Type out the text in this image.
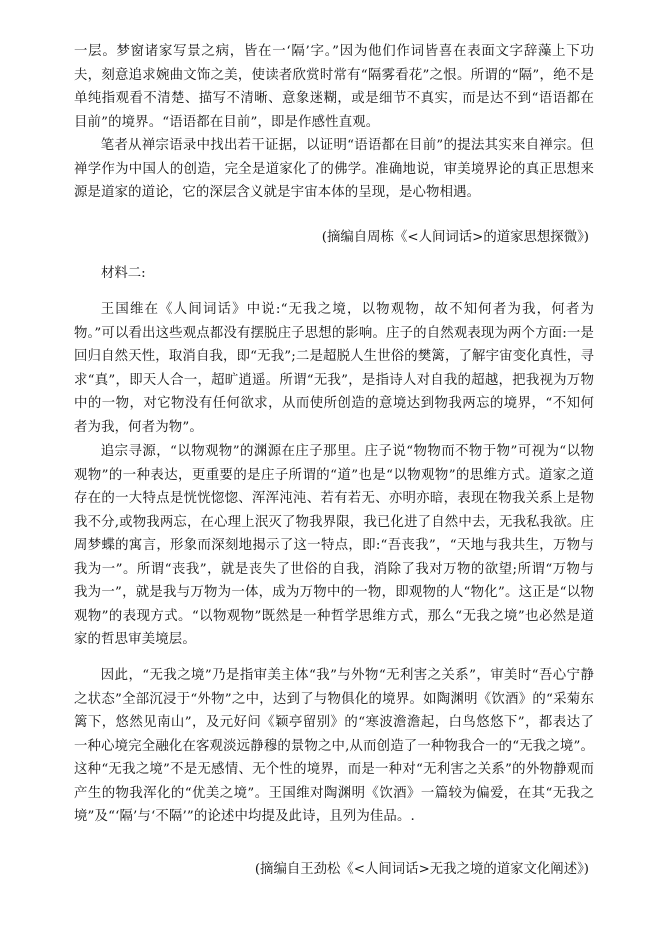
一层。梦窗诸家写景之病，皆在一‘隔’字。”因为他们作词皆喜在表面文字辞藻上下功夫，刻意追求婉曲文饰之美，使读者欣赏时常有“隔雾看花”之恨。所谓的“隔”，绝不是单纯指观看不清楚、描写不清晰、意象迷糊，或是细节不真实，而是达不到“语语都在目前”的境界。“语语都在目前”，即是作感性直观。

笔者从禅宗语录中找出若干证据，以证明“语语都在目前”的提法其实来自禅宗。但禅学作为中国人的创造，完全是道家化了的佛学。准确地说，审美境界论的真正思想来源是道家的道论，它的深层含义就是宇宙本体的呈现，是心物相遇。

(摘编自周栋《<人间词话>的道家思想探微》)

材料二:

王国维在《人间词话》中说:“无我之境，以物观物，故不知何者为我，何者为物。”可以看出这些观点都没有摆脱庄子思想的影响。庄子的自然观表现为两个方面:一是回归自然天性，取消自我，即“无我”;二是超脱人生世俗的樊篱，了解宇宙变化真性，寻求“真”，即天人合一，超旷逍遥。所谓“无我”，是指诗人对自我的超越，把我视为万物中的一物，对它物没有任何欲求，从而使所创造的意境达到物我两忘的境界，“不知何者为我，何者为物”。

追宗寻源，“以物观物”的渊源在庄子那里。庄子说“物物而不物于物”可视为“以物观物”的一种表达，更重要的是庄子所谓的“道”也是“以物观物”的思维方式。道家之道存在的一大特点是恍恍惚惚、浑浑沌沌、若有若无、亦明亦暗，表现在物我关系上是物我不分,或物我两忘，在心理上泯灭了物我界限，我已化进了自然中去，无我私我欲。庄周梦蝶的寓言，形象而深刻地揭示了这一特点，即:“吾丧我”，“天地与我共生，万物与我为一”。所谓“丧我”，就是丧失了世俗的自我，消除了我对万物的欲望;所谓“万物与我为一”，就是我与万物为一体，成为万物中的一物，即观物的人“物化”。这正是“以物观物”的表现方式。“以物观物”既然是一种哲学思维方式，那么“无我之境”也必然是道家的哲思审美境层。

因此，“无我之境”乃是指审美主体“我”与外物“无利害之关系”，审美时“吾心宁静之状态”全部沉浸于“外物”之中，达到了与物俱化的境界。如陶渊明《饮酒》的“采菊东篱下，悠然见南山”，及元好问《颖亭留别》的“寒波澹澹起，白鸟悠悠下”，都表达了一种心境完全融化在客观淡远静穆的景物之中,从而创造了一种物我合一的“无我之境”。这种“无我之境”不是无感情、无个性的境界，而是一种对“无利害之关系”的外物静观而产生的物我浑化的“优美之境”。王国维对陶渊明《饮酒》一篇较为偏爱，在其“无我之境”及“‘隔’与‘不隔’”的论述中均提及此诗，且列为佳品。.

(摘编自王劲松《<人间词话>无我之境的道家文化阐述》)
